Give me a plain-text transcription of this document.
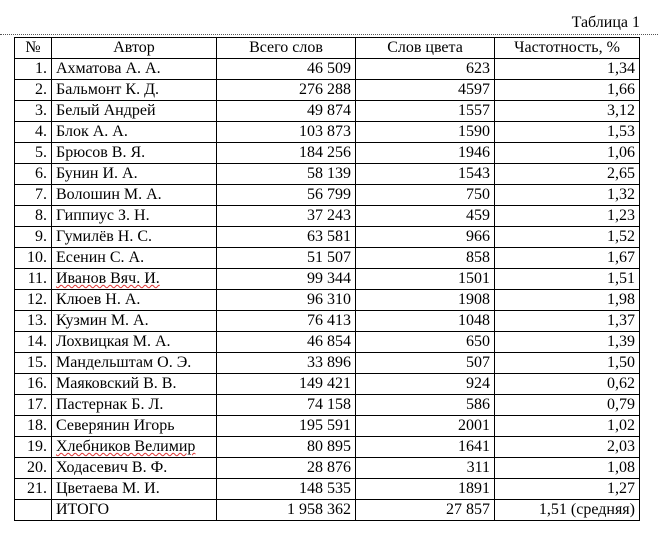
Таблица 1
№	Автор	Всего слов	Слов цвета	Частотность, %
1.	Ахматова А. А.	46 509	623	1,34
2.	Бальмонт К. Д.	276 288	4597	1,66
3.	Белый Андрей	49 874	1557	3,12
4.	Блок А. А.	103 873	1590	1,53
5.	Брюсов В. Я.	184 256	1946	1,06
6.	Бунин И. А.	58 139	1543	2,65
7.	Волошин М. А.	56 799	750	1,32
8.	Гиппиус З. Н.	37 243	459	1,23
9.	Гумилёв Н. С.	63 581	966	1,52
10.	Есенин С. А.	51 507	858	1,67
11.	Иванов Вяч. И.	99 344	1501	1,51
12.	Клюев Н. А.	96 310	1908	1,98
13.	Кузмин М. А.	76 413	1048	1,37
14.	Лохвицкая М. А.	46 854	650	1,39
15.	Мандельштам О. Э.	33 896	507	1,50
16.	Маяковский В. В.	149 421	924	0,62
17.	Пастернак Б. Л.	74 158	586	0,79
18.	Северянин Игорь	195 591	2001	1,02
19.	Хлебников Велимир	80 895	1641	2,03
20.	Ходасевич В. Ф.	28 876	311	1,08
21.	Цветаева М. И.	148 535	1891	1,27
	ИТОГО	1 958 362	27 857	1,51 (средняя)
